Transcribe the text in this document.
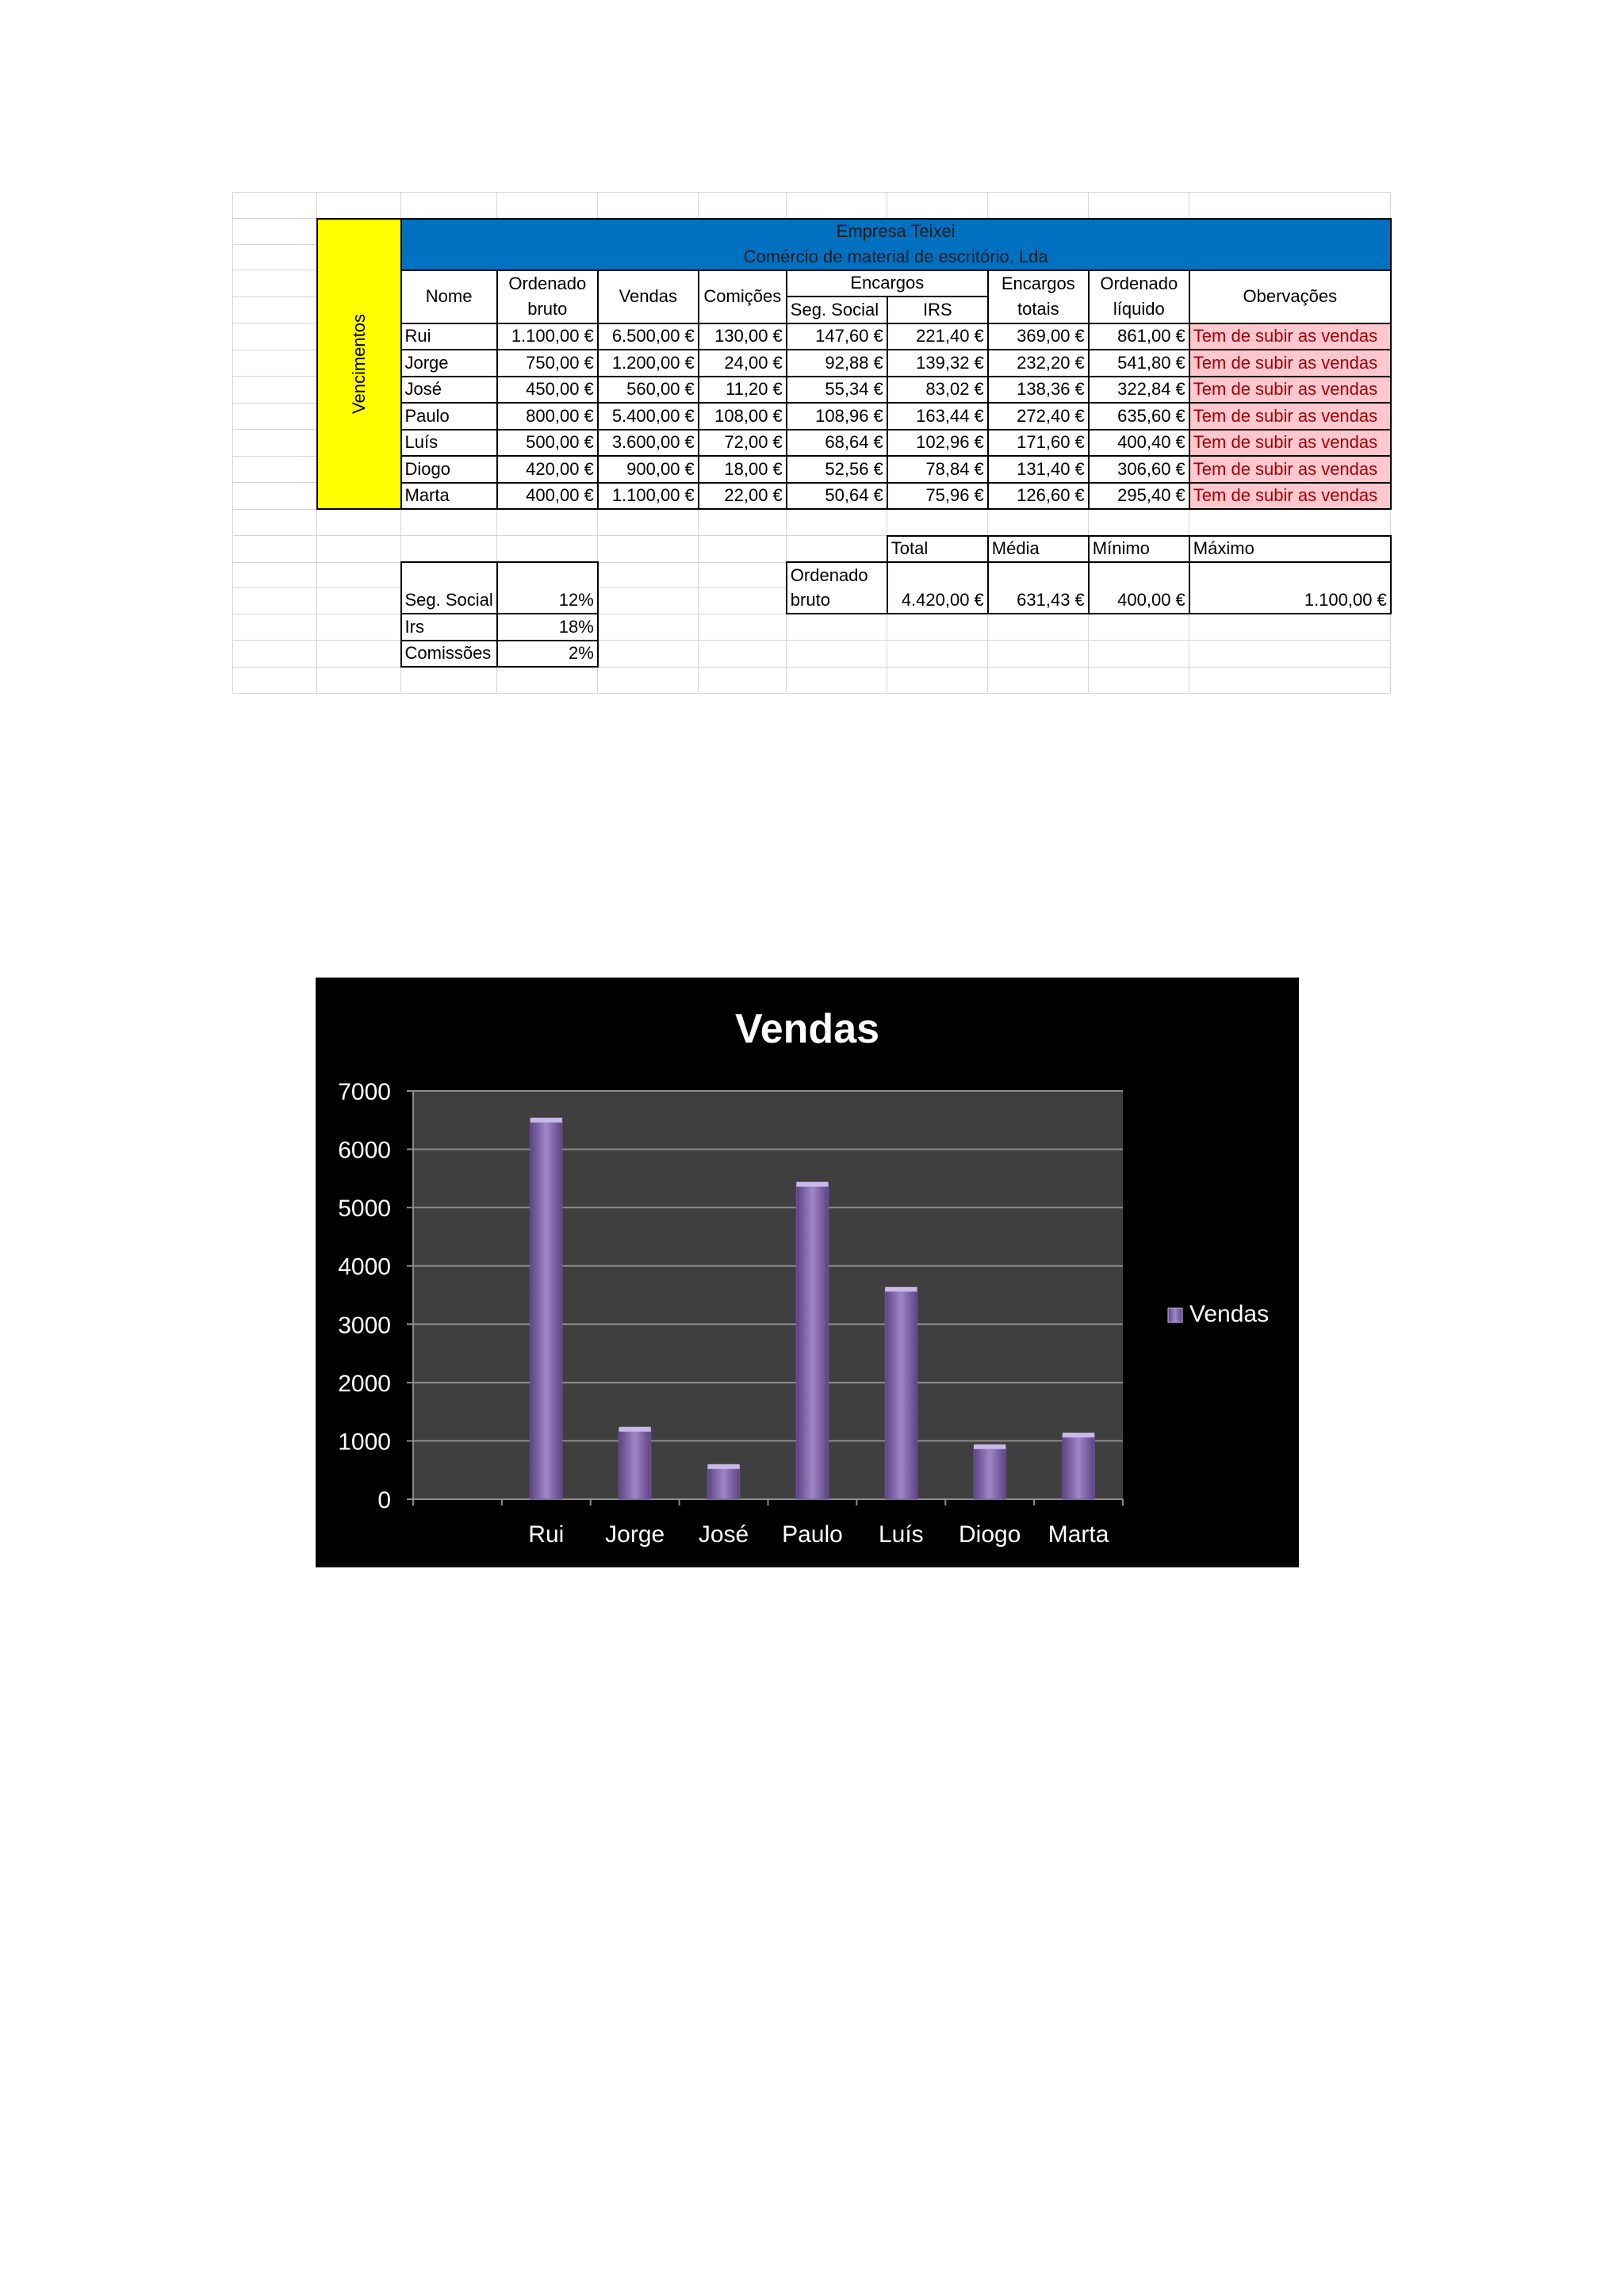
	Vencimentos	Empresa Teixei								
		Comércio de material de escritório, Lda								
		Nome	Ordenado	Vendas	Comições	Encargos		Encargos	Ordenado	Obervações
			bruto			Seg. Social	IRS	totais	líquido	
		Rui	1.100,00 €	6.500,00 €	130,00 €	147,60 €	221,40 €	369,00 €	861,00 €	Tem de subir as vendas
		Jorge	750,00 €	1.200,00 €	24,00 €	92,88 €	139,32 €	232,20 €	541,80 €	Tem de subir as vendas
		José	450,00 €	560,00 €	11,20 €	55,34 €	83,02 €	138,36 €	322,84 €	Tem de subir as vendas
		Paulo	800,00 €	5.400,00 €	108,00 €	108,96 €	163,44 €	272,40 €	635,60 €	Tem de subir as vendas
		Luís	500,00 €	3.600,00 €	72,00 €	68,64 €	102,96 €	171,60 €	400,40 €	Tem de subir as vendas
		Diogo	420,00 €	900,00 €	18,00 €	52,56 €	78,84 €	131,40 €	306,60 €	Tem de subir as vendas
		Marta	400,00 €	1.100,00 €	22,00 €	50,64 €	75,96 €	126,60 €	295,40 €	Tem de subir as vendas

							Total	Média	Mínimo	Máximo
						Ordenado				
		Seg. Social	12%			bruto	4.420,00 €	631,43 €	400,00 €	1.100,00 €
		Irs	18%							
		Comissões	2%							

Vendas
0
1000
2000
3000
4000
5000
6000
7000
Rui Jorge José Paulo Luís Diogo Marta
Vendas
